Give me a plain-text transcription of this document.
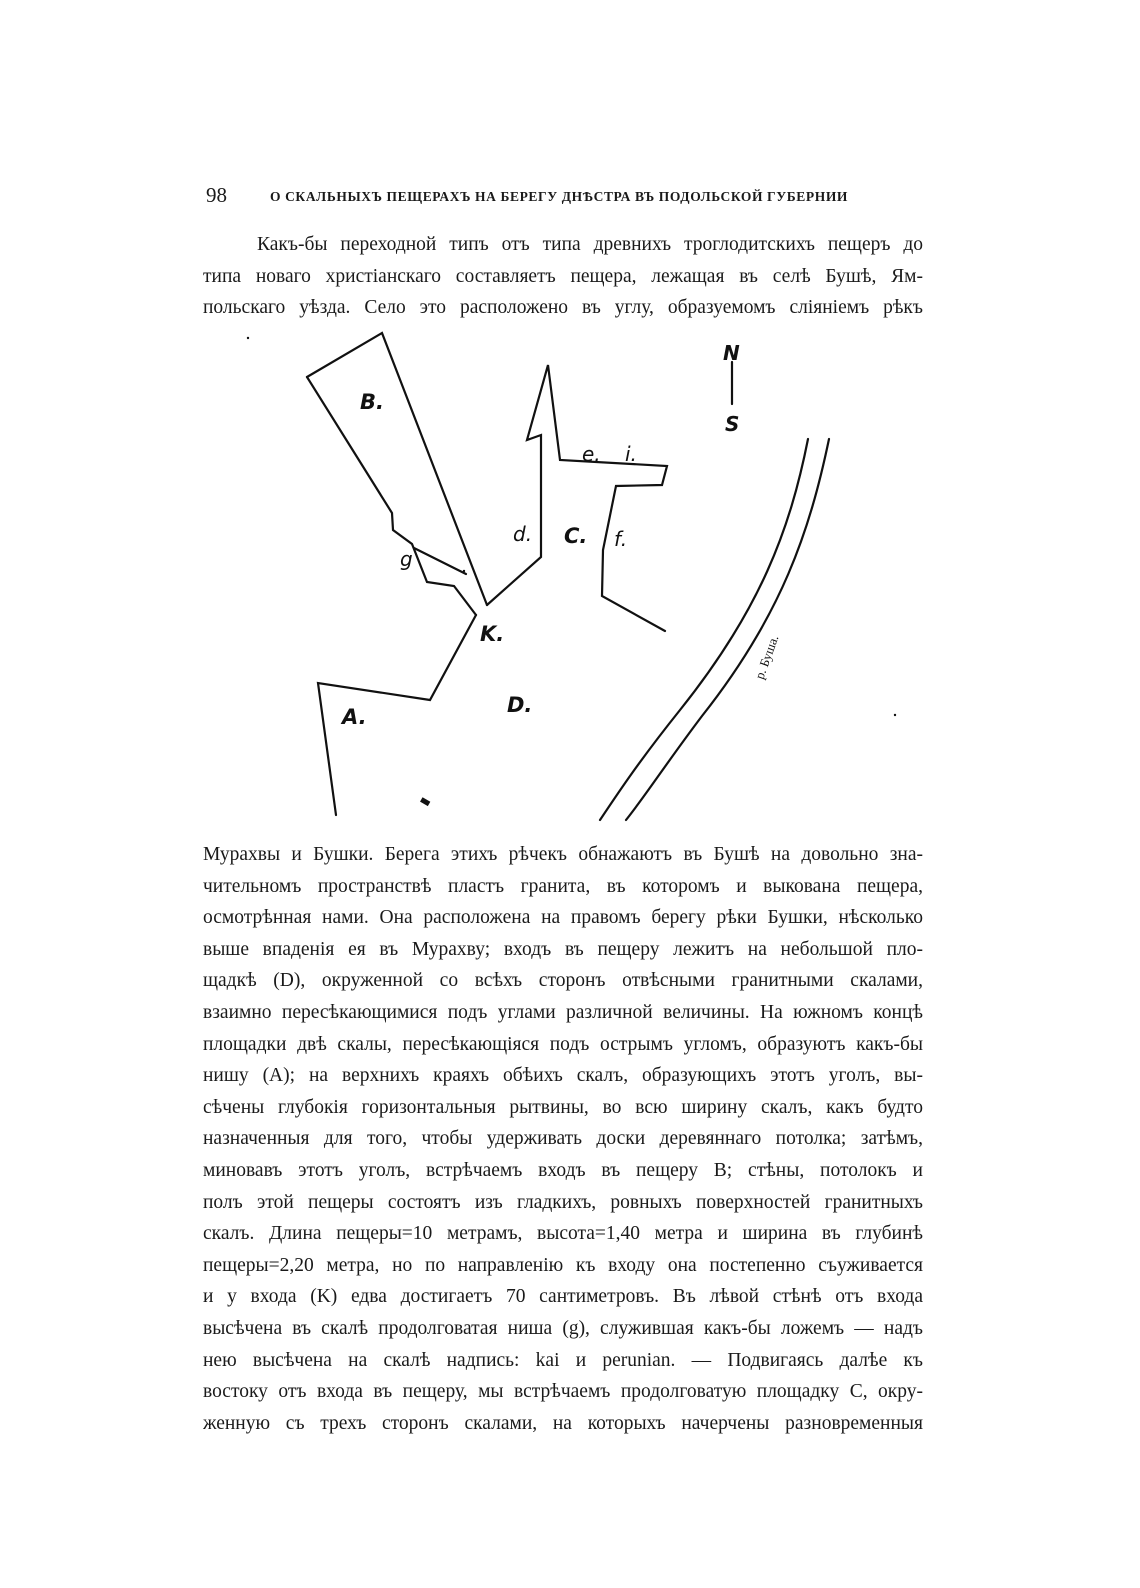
98	О СКАЛЬНЫХЪ ПЕЩЕРАХЪ НА БЕРЕГУ ДНѢСТРА ВЪ ПОДОЛЬСКОЙ ГУБЕРНИИ
Какъ-бы переходной типъ отъ типа древнихъ троглодитскихъ пещеръ до
типа новаго христіанскаго составляетъ пещера, лежащая въ селѣ Бушѣ, Ям-
польскаго уѣзда. Село это расположено въ углу, образуемомъ сліяніемъ рѣкъ
N
S
B.
e. i.
d. C. f.
g
K.
A.	D.
р. Буша.
Мурахвы и Бушки. Берега этихъ рѣчекъ обнажаютъ въ Бушѣ на довольно зна-
чительномъ пространствѣ пластъ гранита, въ которомъ и выкована пещера,
осмотрѣнная нами. Она расположена на правомъ берегу рѣки Бушки, нѣсколько
выше впаденія ея въ Мурахву; входъ въ пещеру лежитъ на небольшой пло-
щадкѣ (D), окруженной со всѣхъ сторонъ отвѣсными гранитными скалами,
взаимно пересѣкающимися подъ углами различной величины. На южномъ концѣ
площадки двѣ скалы, пересѣкающіяся подъ острымъ угломъ, образуютъ какъ-бы
нишу (A); на верхнихъ краяхъ обѣихъ скалъ, образующихъ этотъ уголъ, вы-
сѣчены глубокія горизонтальныя рытвины, во всю ширину скалъ, какъ будто
назначенныя для того, чтобы удерживать доски деревяннаго потолка; затѣмъ,
миновавъ этотъ уголъ, встрѣчаемъ входъ въ пещеру B; стѣны, потолокъ и
полъ этой пещеры состоятъ изъ гладкихъ, ровныхъ поверхностей гранитныхъ
скалъ. Длина пещеры=10 метрамъ, высота=1,40 метра и ширина въ глубинѣ
пещеры=2,20 метра, но по направленію къ входу она постепенно съуживается
и у входа (K) едва достигаетъ 70 сантиметровъ. Въ лѣвой стѣнѣ отъ входа
высѣчена въ скалѣ продолговатая ниша (g), служившая какъ-бы ложемъ — надъ
нею высѣчена на скалѣ надпись: kai и perunian. — Подвигаясь далѣе къ
востоку отъ входа въ пещеру, мы встрѣчаемъ продолговатую площадку C, окру-
женную съ трехъ сторонъ скалами, на которыхъ начерчены разновременныя
